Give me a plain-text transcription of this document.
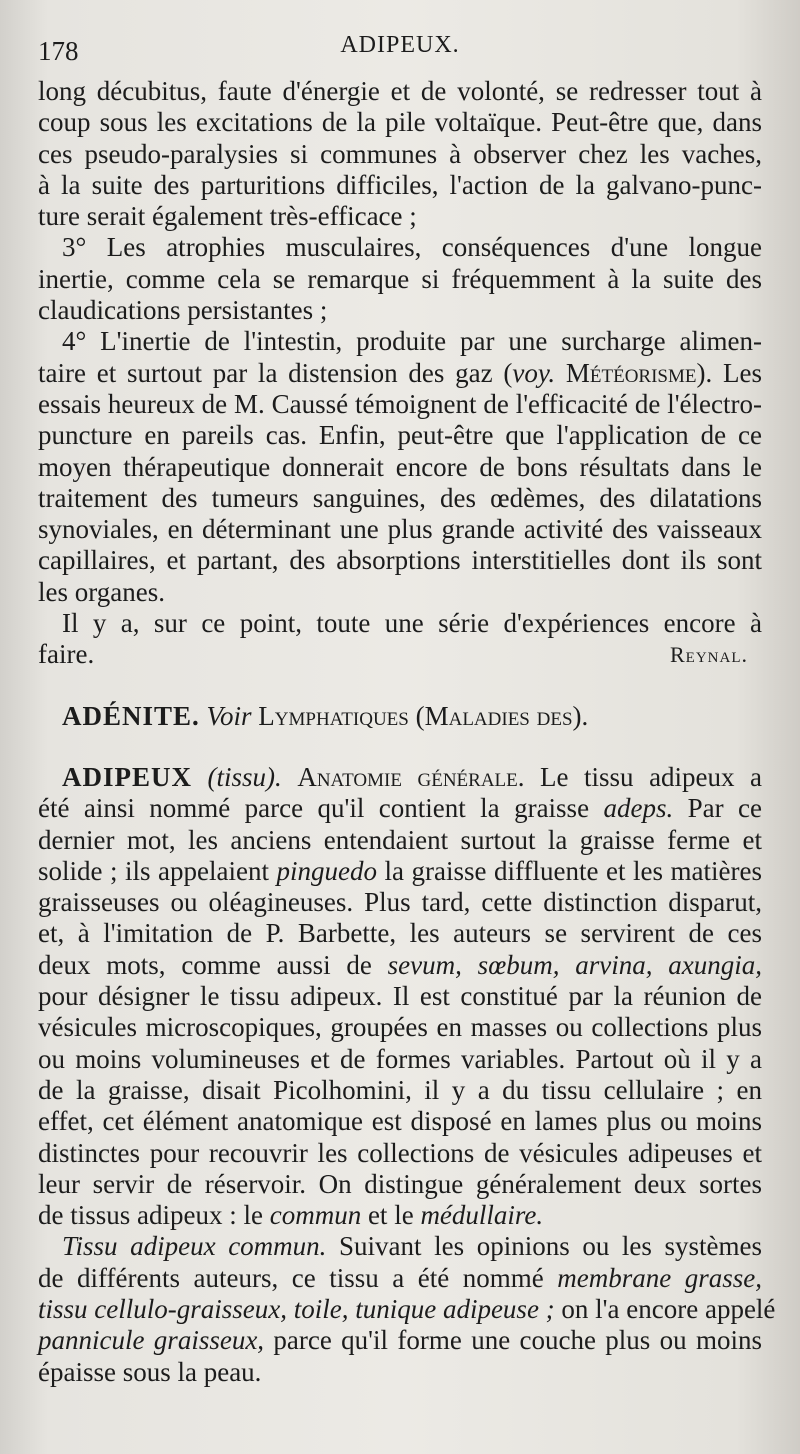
178	ADIPEUX.
long décubitus, faute d'énergie et de volonté, se redresser tout à
coup sous les excitations de la pile voltaïque. Peut-être que, dans
ces pseudo-paralysies si communes à observer chez les vaches,
à la suite des parturitions difficiles, l'action de la galvano-punc-
ture serait également très-efficace ;
3° Les atrophies musculaires, conséquences d'une longue
inertie, comme cela se remarque si fréquemment à la suite des
claudications persistantes ;
4° L'inertie de l'intestin, produite par une surcharge alimen-
taire et surtout par la distension des gaz (voy. Météorisme). Les
essais heureux de M. Caussé témoignent de l'efficacité de l'électro-
puncture en pareils cas. Enfin, peut-être que l'application de ce
moyen thérapeutique donnerait encore de bons résultats dans le
traitement des tumeurs sanguines, des œdèmes, des dilatations
synoviales, en déterminant une plus grande activité des vaisseaux
capillaires, et partant, des absorptions interstitielles dont ils sont
les organes.
Il y a, sur ce point, toute une série d'expériences encore à
faire.	Reynal.
ADÉNITE. Voir Lymphatiques (Maladies des).
ADIPEUX (tissu). Anatomie générale. Le tissu adipeux a
été ainsi nommé parce qu'il contient la graisse adeps. Par ce
dernier mot, les anciens entendaient surtout la graisse ferme et
solide ; ils appelaient pinguedo la graisse diffluente et les matières
graisseuses ou oléagineuses. Plus tard, cette distinction disparut,
et, à l'imitation de P. Barbette, les auteurs se servirent de ces
deux mots, comme aussi de sevum, sœbum, arvina, axungia,
pour désigner le tissu adipeux. Il est constitué par la réunion de
vésicules microscopiques, groupées en masses ou collections plus
ou moins volumineuses et de formes variables. Partout où il y a
de la graisse, disait Picolhomini, il y a du tissu cellulaire ; en
effet, cet élément anatomique est disposé en lames plus ou moins
distinctes pour recouvrir les collections de vésicules adipeuses et
leur servir de réservoir. On distingue généralement deux sortes
de tissus adipeux : le commun et le médullaire.
Tissu adipeux commun. Suivant les opinions ou les systèmes
de différents auteurs, ce tissu a été nommé membrane grasse,
tissu cellulo-graisseux, toile, tunique adipeuse ; on l'a encore appelé
pannicule graisseux, parce qu'il forme une couche plus ou moins
épaisse sous la peau.
